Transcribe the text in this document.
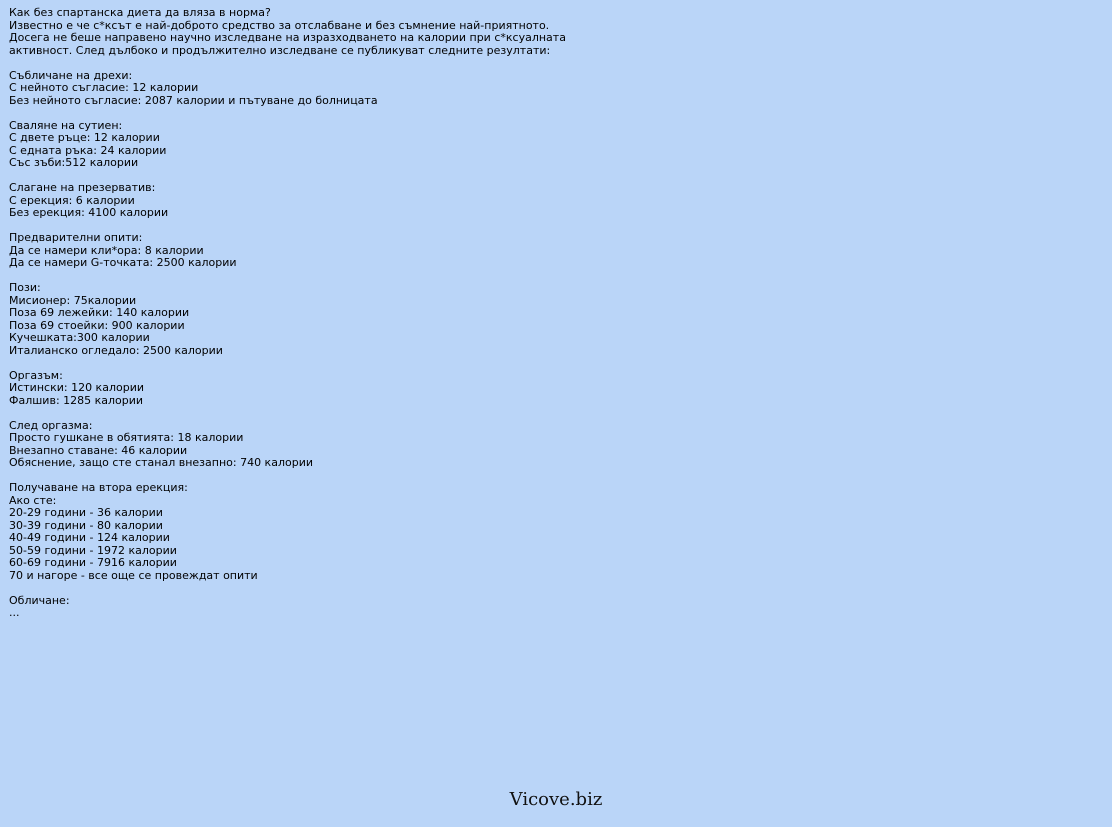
Как без спартанска диета да вляза в норма?
Известно е че с*ксът е най-доброто средство за отслабване и без съмнение най-приятното.
Досега не беше направено научно изследване на изразходването на калории при с*ксуалната
активност. След дълбоко и продължително изследване се публикуват следните резултати:
Събличане на дрехи:
С нейното съгласие: 12 калории
Без нейното съгласие: 2087 калории и пътуване до болницата
Сваляне на сутиен:
С двете ръце: 12 калории
С едната ръка: 24 калории
Със зъби:512 калории
Слагане на презерватив:
С ерекция: 6 калории
Без ерекция: 4100 калории
Предварителни опити:
Да се намери кли*ора: 8 калории
Да се намери G-точката: 2500 калории
Пози:
Мисионер: 75калории
Поза 69 лежейки: 140 калории
Поза 69 стоейки: 900 калории
Кучешката:300 калории
Италианско огледало: 2500 калории
Оргазъм:
Истински: 120 калории
Фалшив: 1285 калории
След оргазма:
Просто гушкане в обятията: 18 калории
Внезапно ставане: 46 калории
Обяснение, защо сте станал внезапно: 740 калории
Получаване на втора ерекция:
Ако сте:
20-29 години - 36 калории
30-39 години - 80 калории
40-49 години - 124 калории
50-59 години - 1972 калории
60-69 години - 7916 калории
70 и нагоре - все още се провеждат опити
Обличане:
...
Vicove.biz
